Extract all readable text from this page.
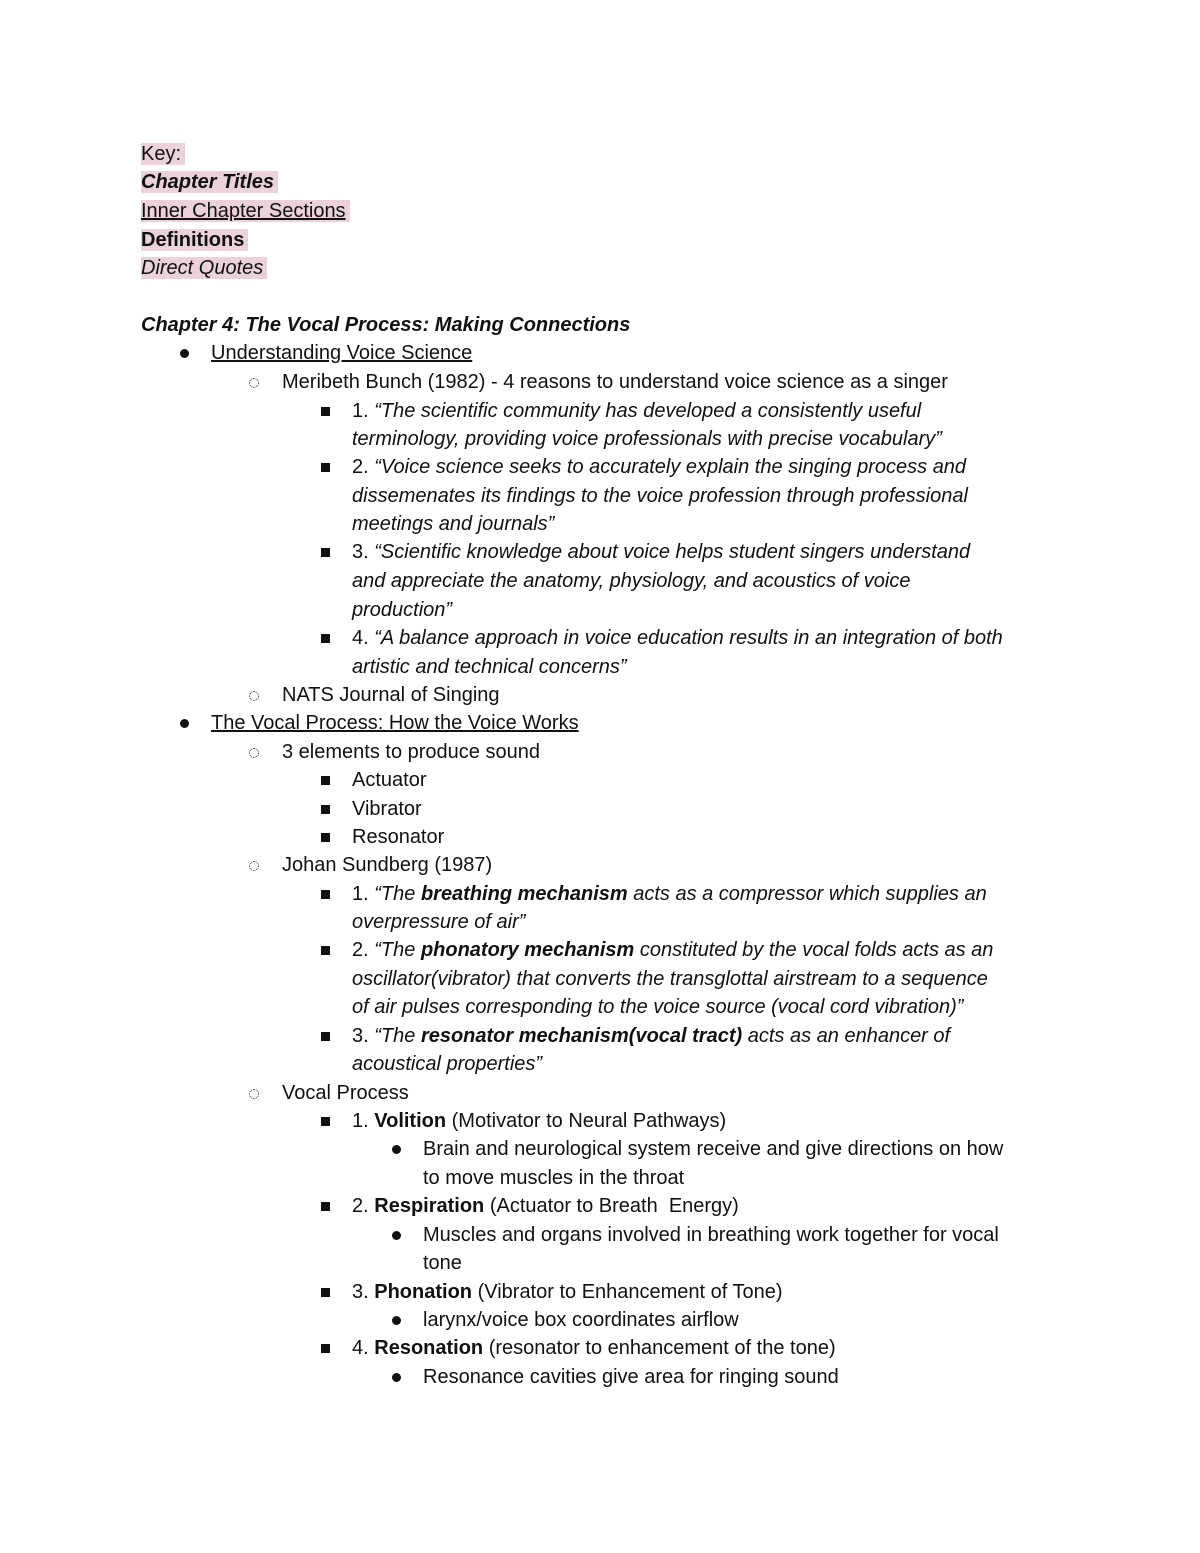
Key:
Chapter Titles
Inner Chapter Sections
Definitions
Direct Quotes
Chapter 4: The Vocal Process: Making Connections
Understanding Voice Science
Meribeth Bunch (1982) - 4 reasons to understand voice science as a singer
1. “The scientific community has developed a consistently useful
terminology, providing voice professionals with precise vocabulary”
2. “Voice science seeks to accurately explain the singing process and
dissemenates its findings to the voice profession through professional
meetings and journals”
3. “Scientific knowledge about voice helps student singers understand
and appreciate the anatomy, physiology, and acoustics of voice
production”
4. “A balance approach in voice education results in an integration of both
artistic and technical concerns”
NATS Journal of Singing
The Vocal Process: How the Voice Works
3 elements to produce sound
Actuator
Vibrator
Resonator
Johan Sundberg (1987)
1. “The breathing mechanism acts as a compressor which supplies an
overpressure of air”
2. “The phonatory mechanism constituted by the vocal folds acts as an
oscillator(vibrator) that converts the transglottal airstream to a sequence
of air pulses corresponding to the voice source (vocal cord vibration)”
3. “The resonator mechanism(vocal tract) acts as an enhancer of
acoustical properties”
Vocal Process
1. Volition (Motivator to Neural Pathways)
Brain and neurological system receive and give directions on how
to move muscles in the throat
2. Respiration (Actuator to Breath  Energy)
Muscles and organs involved in breathing work together for vocal
tone
3. Phonation (Vibrator to Enhancement of Tone)
larynx/voice box coordinates airflow
4. Resonation (resonator to enhancement of the tone)
Resonance cavities give area for ringing sound
